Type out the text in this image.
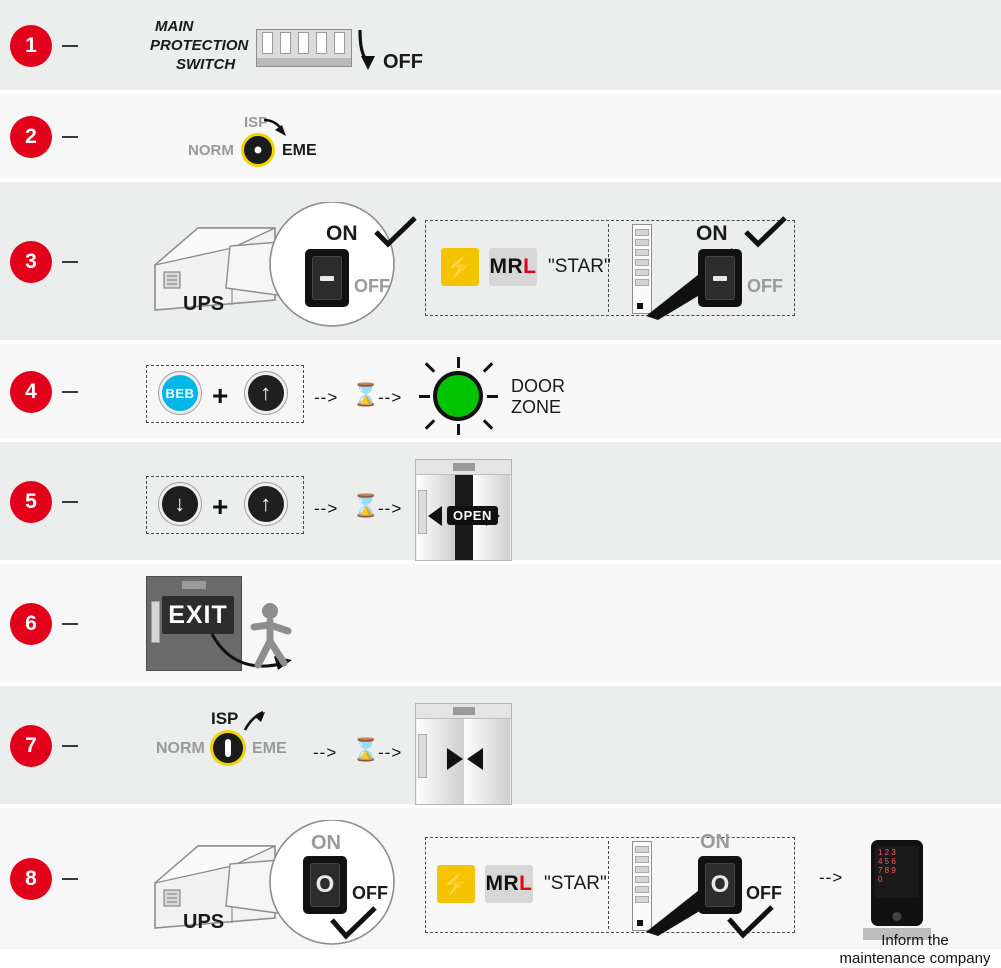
1
MAIN
PROTECTION
SWITCH	OFF
2
ISP
NORM	EME
3
UPS
ON
OFF
⚡ MR L "STAR"
ON
OFF
4	BEB + ↑ --> ⌛
-->
DOOR
ZONE
5	↓ + ↑ --> ⌛
-->	OPEN
6	EXIT
7
ISP
NORM	EME --> ⌛
-->
8
UPS
ON
O OFF ⚡ MR L "STAR"
ON
O OFF
-->
1 2 3
4 5 6
7 8 9
0
Inform the
maintenance company
